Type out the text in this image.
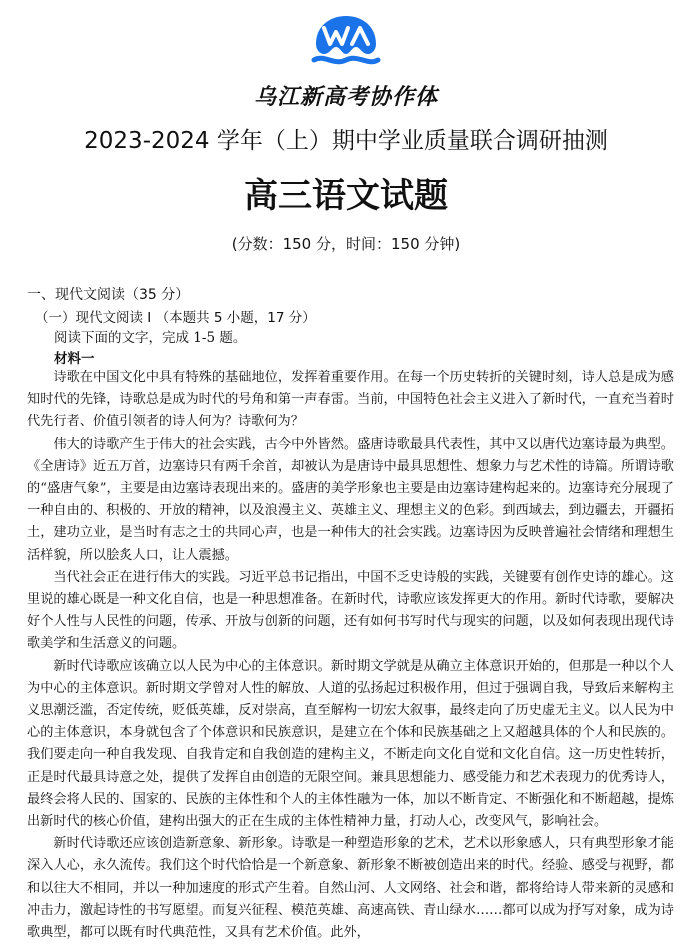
乌江新高考协作体
2023-2024 学年（上）期中学业质量联合调研抽测
高三语文试题
(分数：150 分，时间：150 分钟)
一、现代文阅读（35 分）
（一）现代文阅读 I （本题共 5 小题，17 分）
阅读下面的文字，完成 1-5 题。
材料一

诗歌在中国文化中具有特殊的基础地位，发挥着重要作用。在每一个历史转折的关键时刻，诗人总是成为感知时代的先锋，诗歌总是成为时代的号角和第一声春雷。当前，中国特色社会主义进入了新时代，一直充当着时代先行者、价值引领者的诗人何为？诗歌何为？

伟大的诗歌产生于伟大的社会实践，古今中外皆然。盛唐诗歌最具代表性，其中又以唐代边塞诗最为典型。《全唐诗》近五万首，边塞诗只有两千余首，却被认为是唐诗中最具思想性、想象力与艺术性的诗篇。所谓诗歌的“盛唐气象”，主要是由边塞诗表现出来的。盛唐的美学形象也主要是由边塞诗建构起来的。边塞诗充分展现了一种自由的、积极的、开放的精神，以及浪漫主义、英雄主义、理想主义的色彩。到西域去，到边疆去，开疆拓土，建功立业，是当时有志之士的共同心声，也是一种伟大的社会实践。边塞诗因为反映普遍社会情绪和理想生活样貌，所以脍炙人口，让人震撼。

当代社会正在进行伟大的实践。习近平总书记指出，中国不乏史诗般的实践，关键要有创作史诗的雄心。这里说的雄心既是一种文化自信，也是一种思想准备。在新时代，诗歌应该发挥更大的作用。新时代诗歌，要解决好个人性与人民性的问题，传承、开放与创新的问题，还有如何书写时代与现实的问题，以及如何表现出现代诗歌美学和生活意义的问题。

新时代诗歌应该确立以人民为中心的主体意识。新时期文学就是从确立主体意识开始的，但那是一种以个人为中心的主体意识。新时期文学曾对人性的解放、人道的弘扬起过积极作用，但过于强调自我，导致后来解构主义思潮泛滥，否定传统，贬低英雄，反对崇高，直至解构一切宏大叙事，最终走向了历史虚无主义。以人民为中心的主体意识，本身就包含了个体意识和民族意识，是建立在个体和民族基础之上又超越具体的个人和民族的。我们要走向一种自我发现、自我肯定和自我创造的建构主义，不断走向文化自觉和文化自信。这一历史性转折，正是时代最具诗意之处，提供了发挥自由创造的无限空间。兼具思想能力、感受能力和艺术表现力的优秀诗人，最终会将人民的、国家的、民族的主体性和个人的主体性融为一体，加以不断肯定、不断强化和不断超越，提炼出新时代的核心价值，建构出强大的正在生成的主体性精神力量，打动人心，改变风气，影响社会。

新时代诗歌还应该创造新意象、新形象。诗歌是一种塑造形象的艺术，艺术以形象感人，只有典型形象才能深入人心，永久流传。我们这个时代恰恰是一个新意象、新形象不断被创造出来的时代。经验、感受与视野，都和以往大不相同，并以一种加速度的形式产生着。自然山河、人文网络、社会和谐，都将给诗人带来新的灵感和冲击力，激起诗性的书写愿望。而复兴征程、模范英雄、高速高铁、青山绿水……都可以成为抒写对象，成为诗歌典型，都可以既有时代典范性，又具有艺术价值。此外，
